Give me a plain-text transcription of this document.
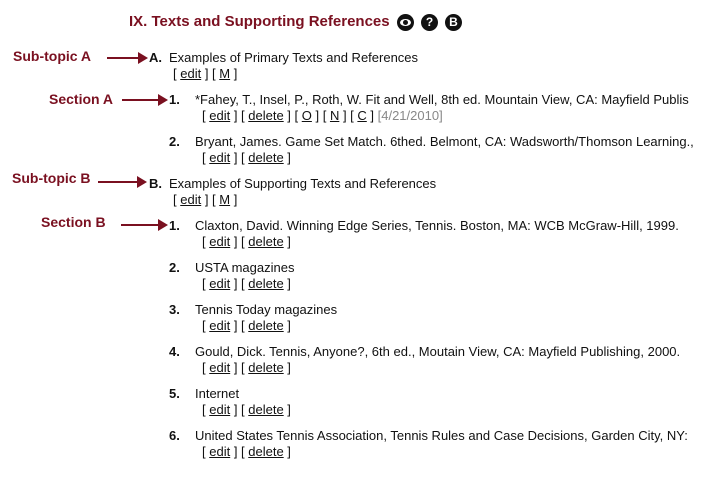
IX. Texts and Supporting References	?	B
Sub-topic A
Section A
Sub-topic B
Section B
A. Examples of Primary Texts and References
[ edit ] [ M ]
1. *Fahey, T., Insel, P., Roth, W. Fit and Well, 8th ed. Mountain View, CA: Mayfield Publis
[ edit ] [ delete ] [ O ] [ N ] [ C ] [4/21/2010]
2. Bryant, James. Game Set Match. 6thed. Belmont, CA: Wadsworth/Thomson Learning.,
[ edit ] [ delete ]
B. Examples of Supporting Texts and References
[ edit ] [ M ]
1. Claxton, David. Winning Edge Series, Tennis. Boston, MA: WCB McGraw-Hill, 1999.
[ edit ] [ delete ]
2. USTA magazines
[ edit ] [ delete ]
3. Tennis Today magazines
[ edit ] [ delete ]
4. Gould, Dick. Tennis, Anyone?, 6th ed., Moutain View, CA: Mayfield Publishing, 2000.
[ edit ] [ delete ]
5. Internet
[ edit ] [ delete ]
6. United States Tennis Association, Tennis Rules and Case Decisions, Garden City, NY:
[ edit ] [ delete ]
